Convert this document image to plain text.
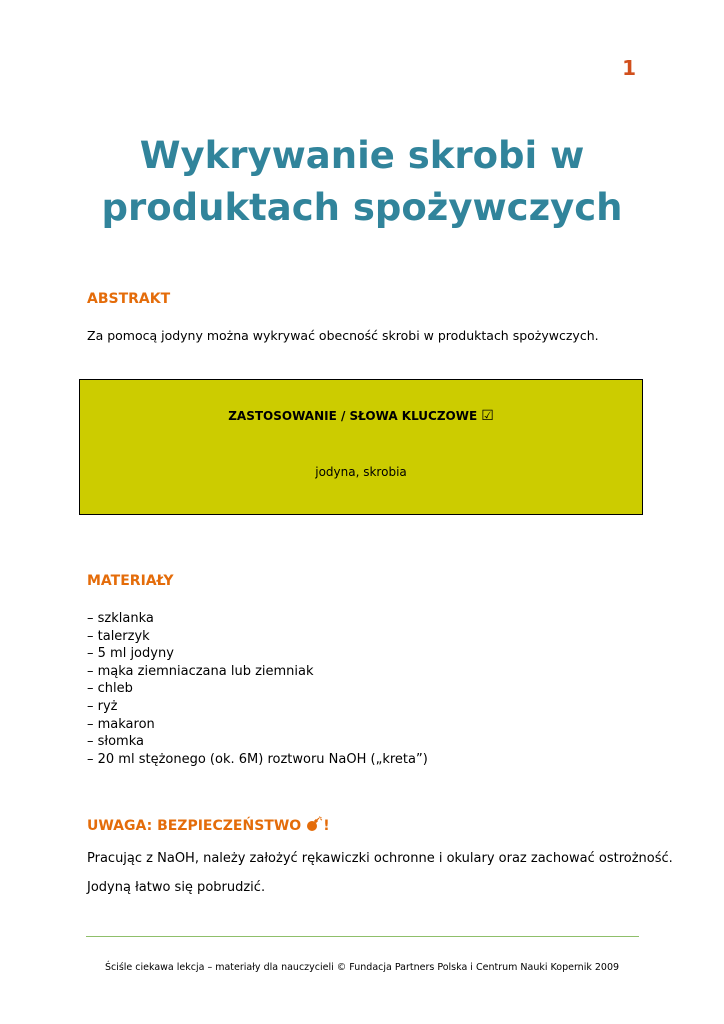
1
Wykrywanie skrobi w
produktach spożywczych
ABSTRAKT
Za pomocą jodyny można wykrywać obecność skrobi w produktach spożywczych.
ZASTOSOWANIE / SŁOWA KLUCZOWE ☑
jodyna, skrobia
MATERIAŁY
– szklanka
– talerzyk
– 5 ml jodyny
– mąka ziemniaczana lub ziemniak
– chleb
– ryż
– makaron
– słomka
– 20 ml stężonego (ok. 6M) roztworu NaOH („kreta”)
UWAGA: BEZPIECZEŃSTWO !
Pracując z NaOH, należy założyć rękawiczki ochronne i okulary oraz zachować ostrożność.
Jodyną łatwo się pobrudzić.
Ściśle ciekawa lekcja – materiały dla nauczycieli © Fundacja Partners Polska i Centrum Nauki Kopernik 2009
